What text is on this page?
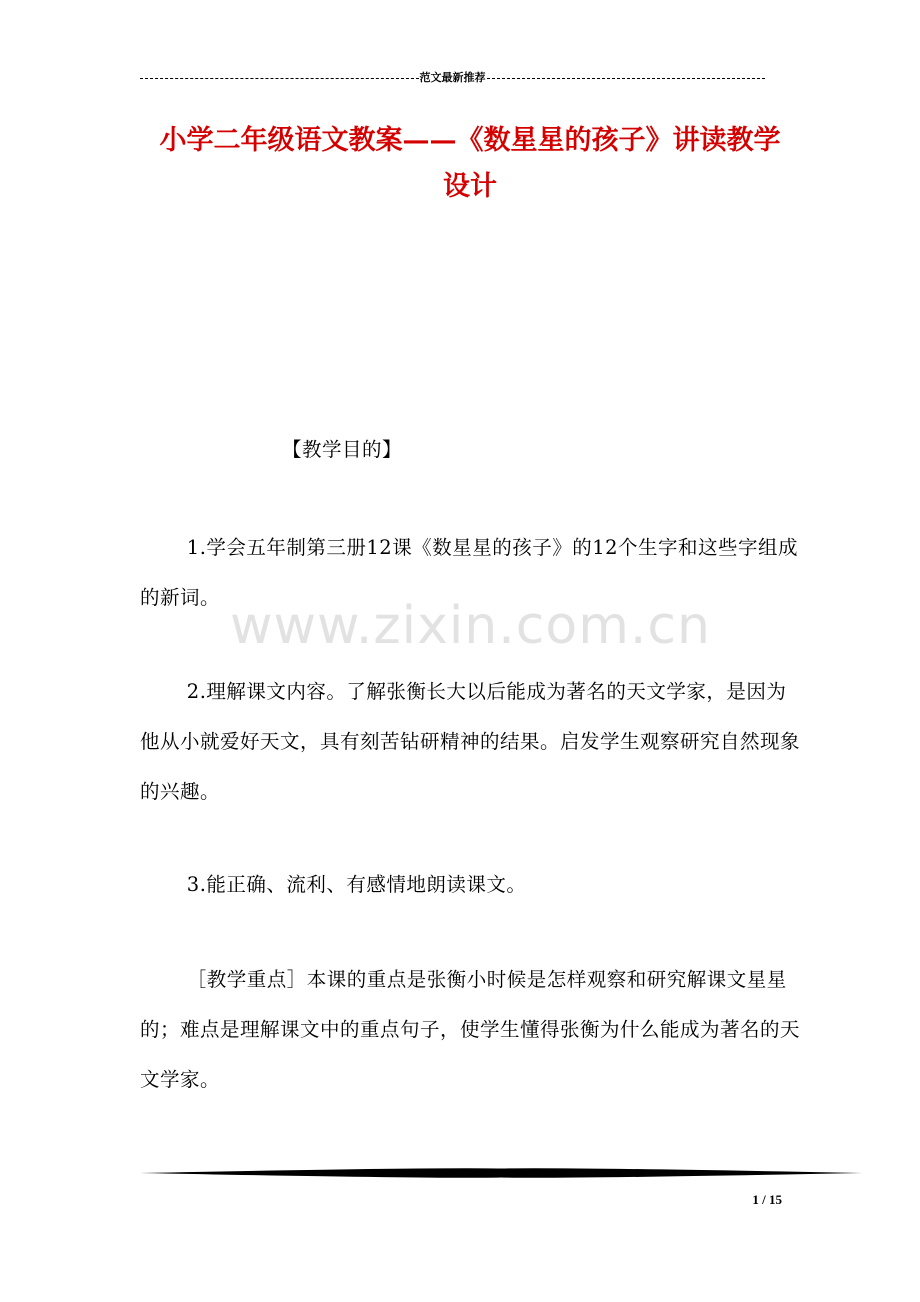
范文最新推荐
小学二年级语文教案——《数星星的孩子》讲读教学
设计
【教学目的】
1.学会五年制第三册12课《数星星的孩子》的12个生字和这些字组成的新词。 www.zixin.com.cn
2.理解课文内容。了解张衡长大以后能成为著名的天文学家，是因为他从小就爱好天文，具有刻苦钻研精神的结果。启发学生观察研究自然现象的兴趣。
3.能正确、流利、有感情地朗读课文。
［教学重点］本课的重点是张衡小时候是怎样观察和研究解课文星星的；难点是理解课文中的重点句子，使学生懂得张衡为什么能成为著名的天文学家。
1 / 15
